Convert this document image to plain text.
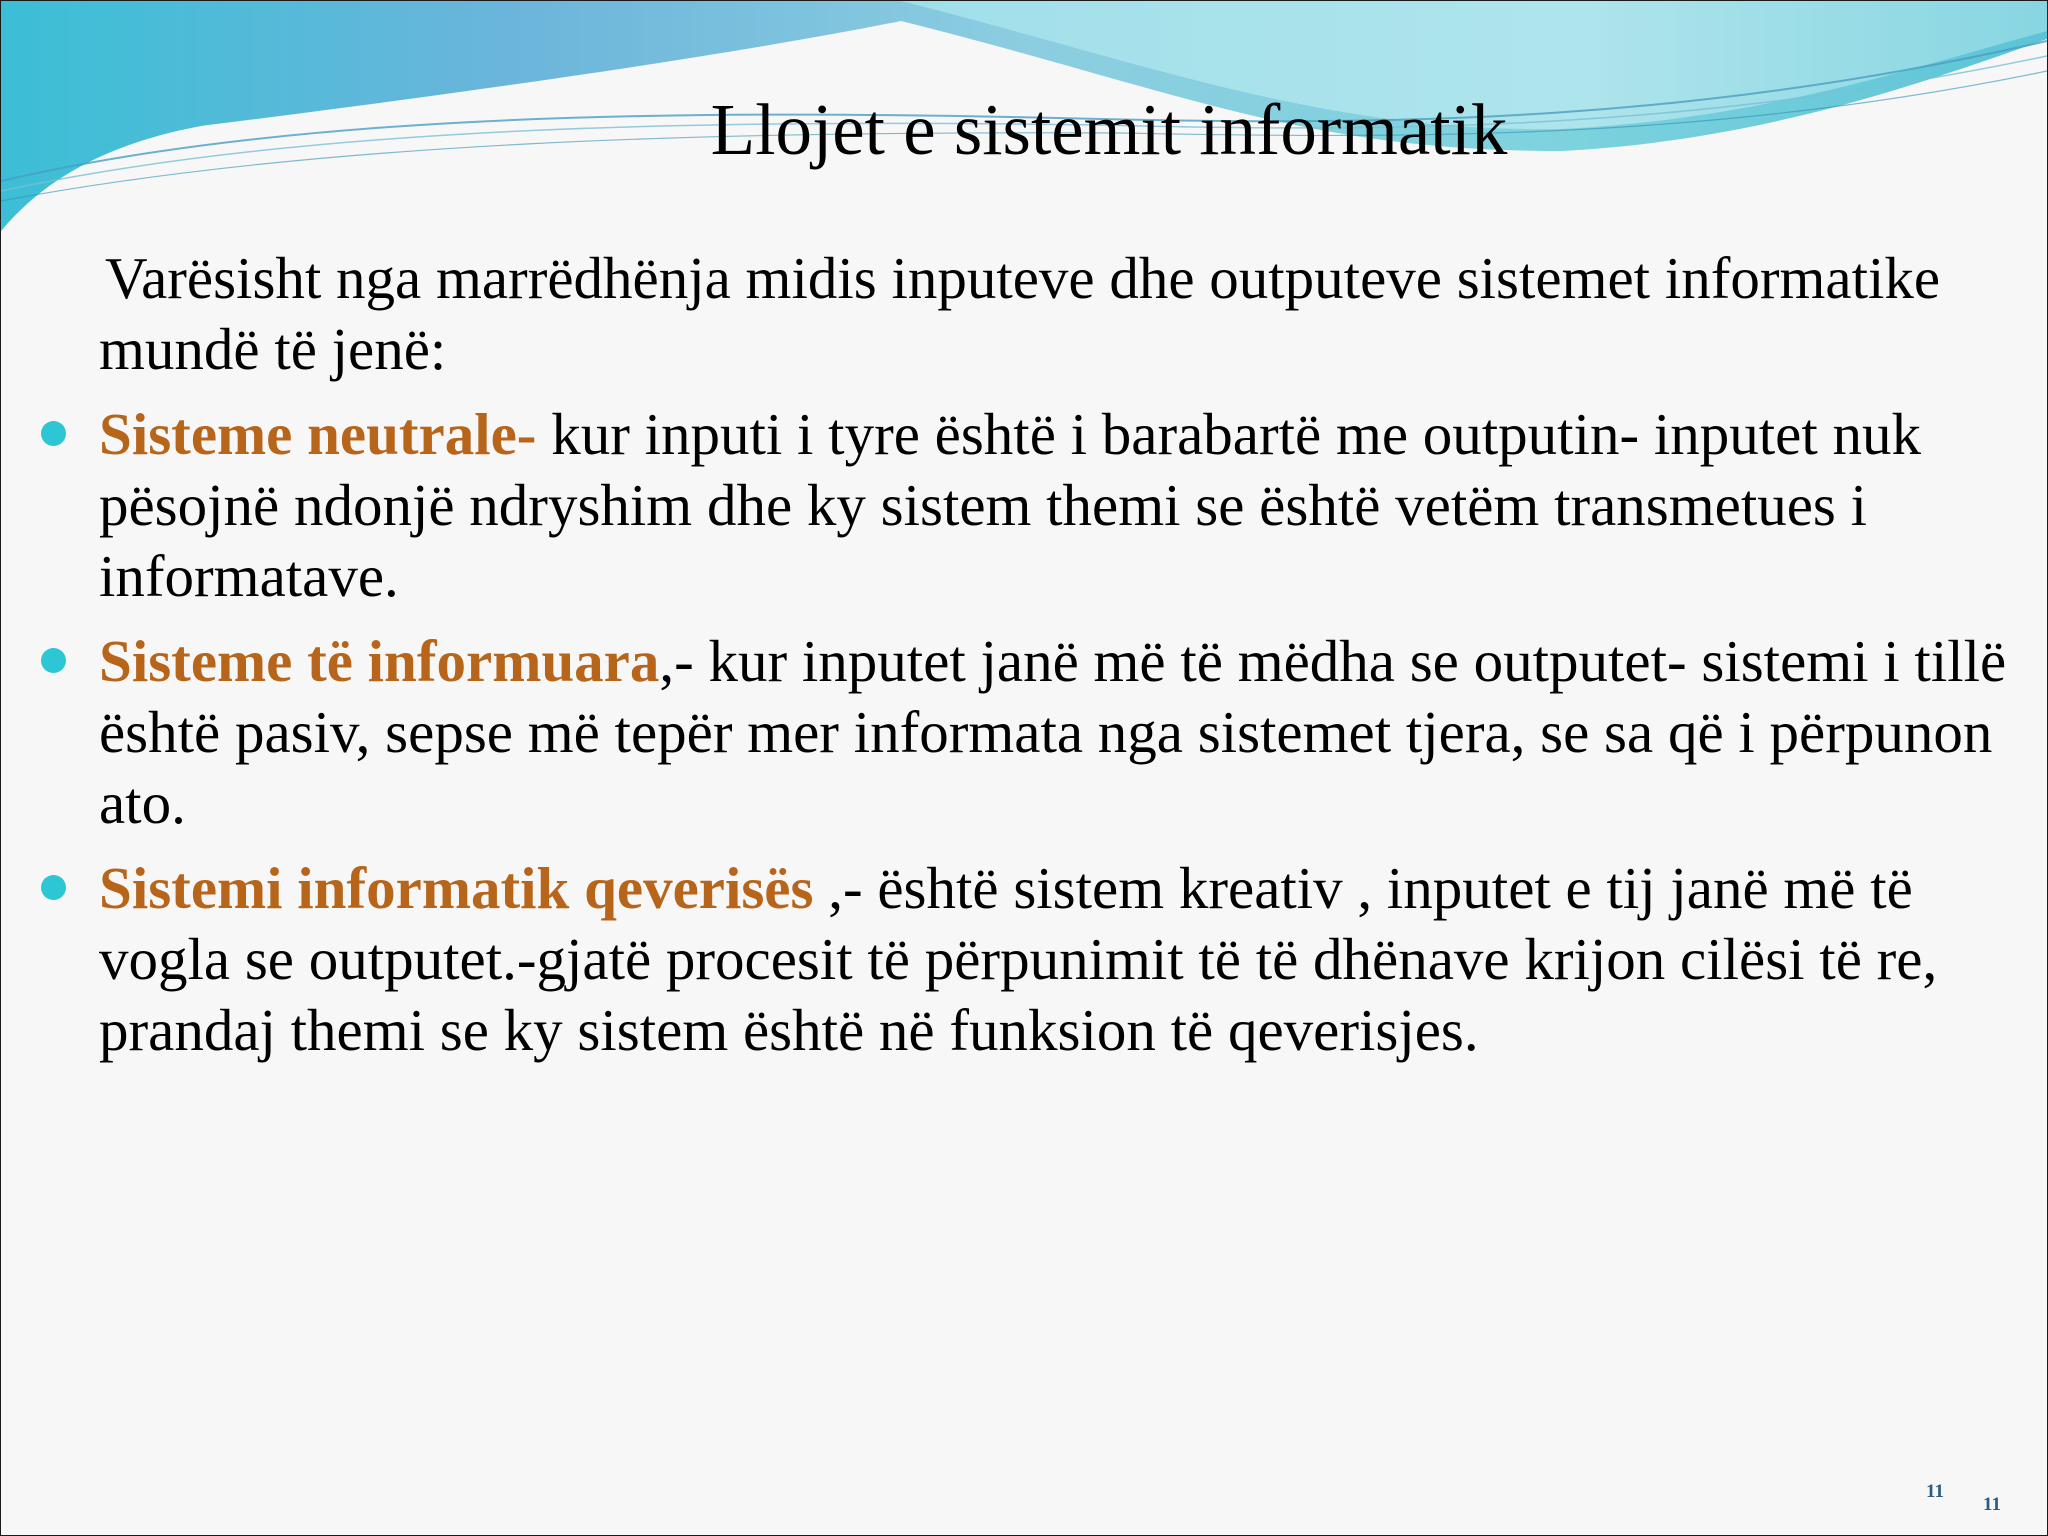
Llojet e sistemit informatik

Varësisht nga marrëdhënja midis inputeve dhe outputeve sistemet informatike mundë të jenë:

Sisteme neutrale- kur inputi i tyre është i barabartë me outputin- inputet nuk pësojnë ndonjë ndryshim dhe ky sistem themi se është vetëm transmetues i informatave.
Sisteme të informuara,- kur inputet janë më të mëdha se outputet- sistemi i tillë është pasiv, sepse më tepër mer informata nga sistemet tjera, se sa që i përpunon ato.
Sistemi informatik qeverisës ,- është sistem kreativ , inputet e tij janë më të vogla se outputet.-gjatë procesit të përpunimit të të dhënave krijon cilësi të re, prandaj themi se ky sistem është në funksion të qeverisjes.
11
11
